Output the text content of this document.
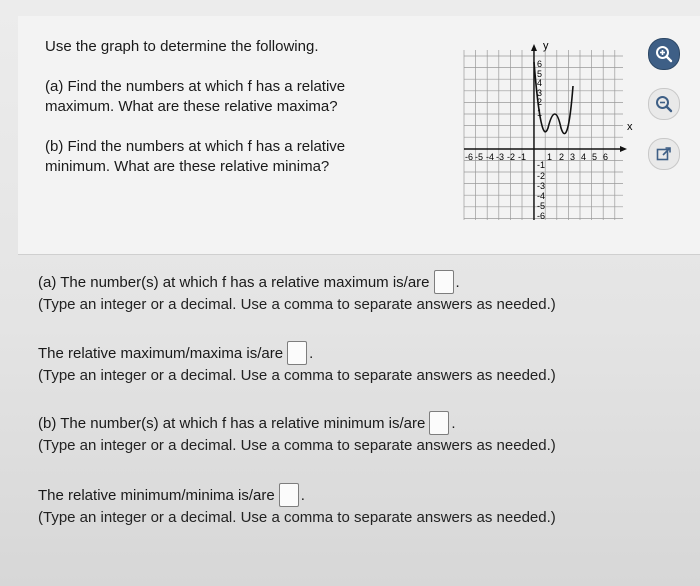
Use the graph to determine the following.
(a) Find the numbers at which f has a relative maximum. What are these relative maxima?
(b) Find the numbers at which f has a relative minimum. What are these relative minima?
y
x
-6 -5 -4 -3 -2 -1 1 2 3 4 5 6
6
5
4
3
2
1
-1
-2
-3
-4
-5
-6
(a) The number(s) at which f has a relative maximum is/are .
(Type an integer or a decimal. Use a comma to separate answers as needed.)
The relative maximum/maxima is/are .
(Type an integer or a decimal. Use a comma to separate answers as needed.)
(b) The number(s) at which f has a relative minimum is/are .
(Type an integer or a decimal. Use a comma to separate answers as needed.)
The relative minimum/minima is/are .
(Type an integer or a decimal. Use a comma to separate answers as needed.)
